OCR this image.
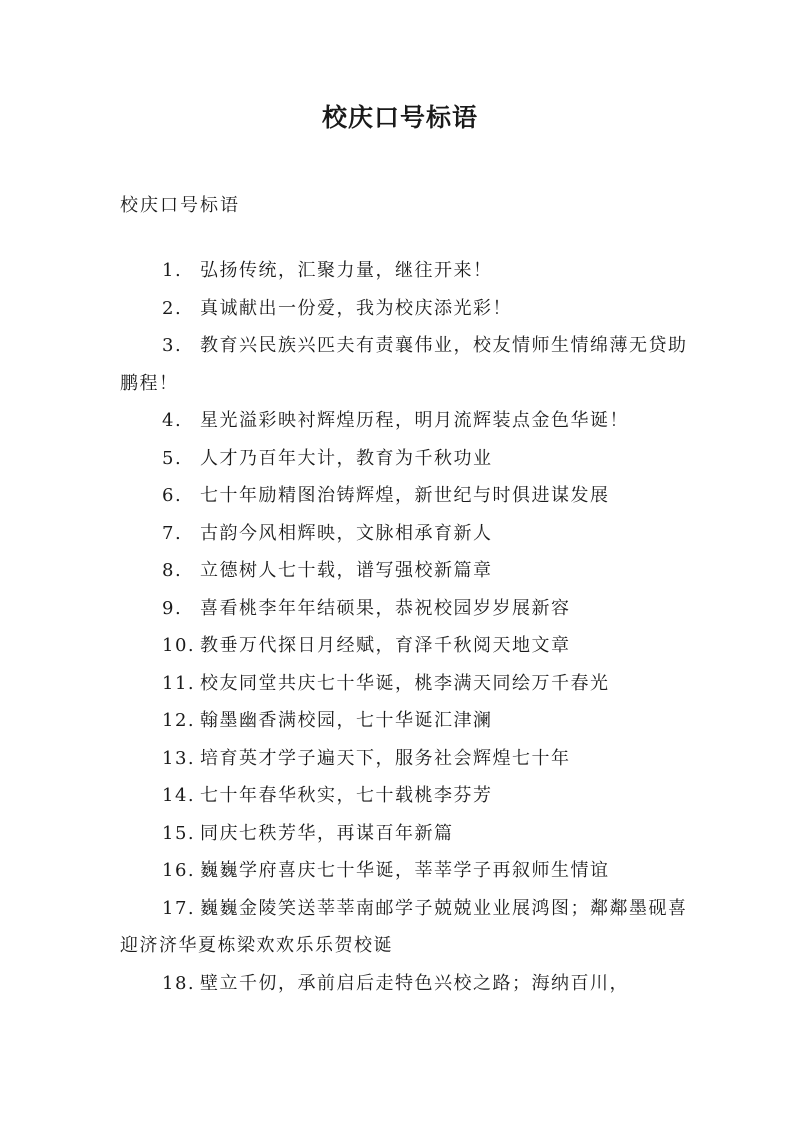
校庆口号标语
校庆口号标语

1. 弘扬传统，汇聚力量，继往开来！

2. 真诚献出一份爱，我为校庆添光彩！

3. 教育兴民族兴匹夫有责襄伟业，校友情师生情绵薄无贷助鹏程！

4. 星光溢彩映衬辉煌历程，明月流辉装点金色华诞！

5. 人才乃百年大计，教育为千秋功业

6. 七十年励精图治铸辉煌，新世纪与时俱进谋发展

7. 古韵今风相辉映，文脉相承育新人

8. 立德树人七十载，谱写强校新篇章

9. 喜看桃李年年结硕果，恭祝校园岁岁展新容

10. 教垂万代探日月经赋，育泽千秋阅天地文章

11. 校友同堂共庆七十华诞，桃李满天同绘万千春光

12. 翰墨幽香满校园，七十华诞汇津澜

13. 培育英才学子遍天下，服务社会辉煌七十年

14. 七十年春华秋实，七十载桃李芬芳

15. 同庆七秩芳华，再谋百年新篇

16. 巍巍学府喜庆七十华诞，莘莘学子再叙师生情谊

17. 巍巍金陵笑送莘莘南邮学子兢兢业业展鸿图；鄰鄰墨砚喜迎济济华夏栋梁欢欢乐乐贺校诞

18. 壁立千仞，承前启后走特色兴校之路；海纳百川，
